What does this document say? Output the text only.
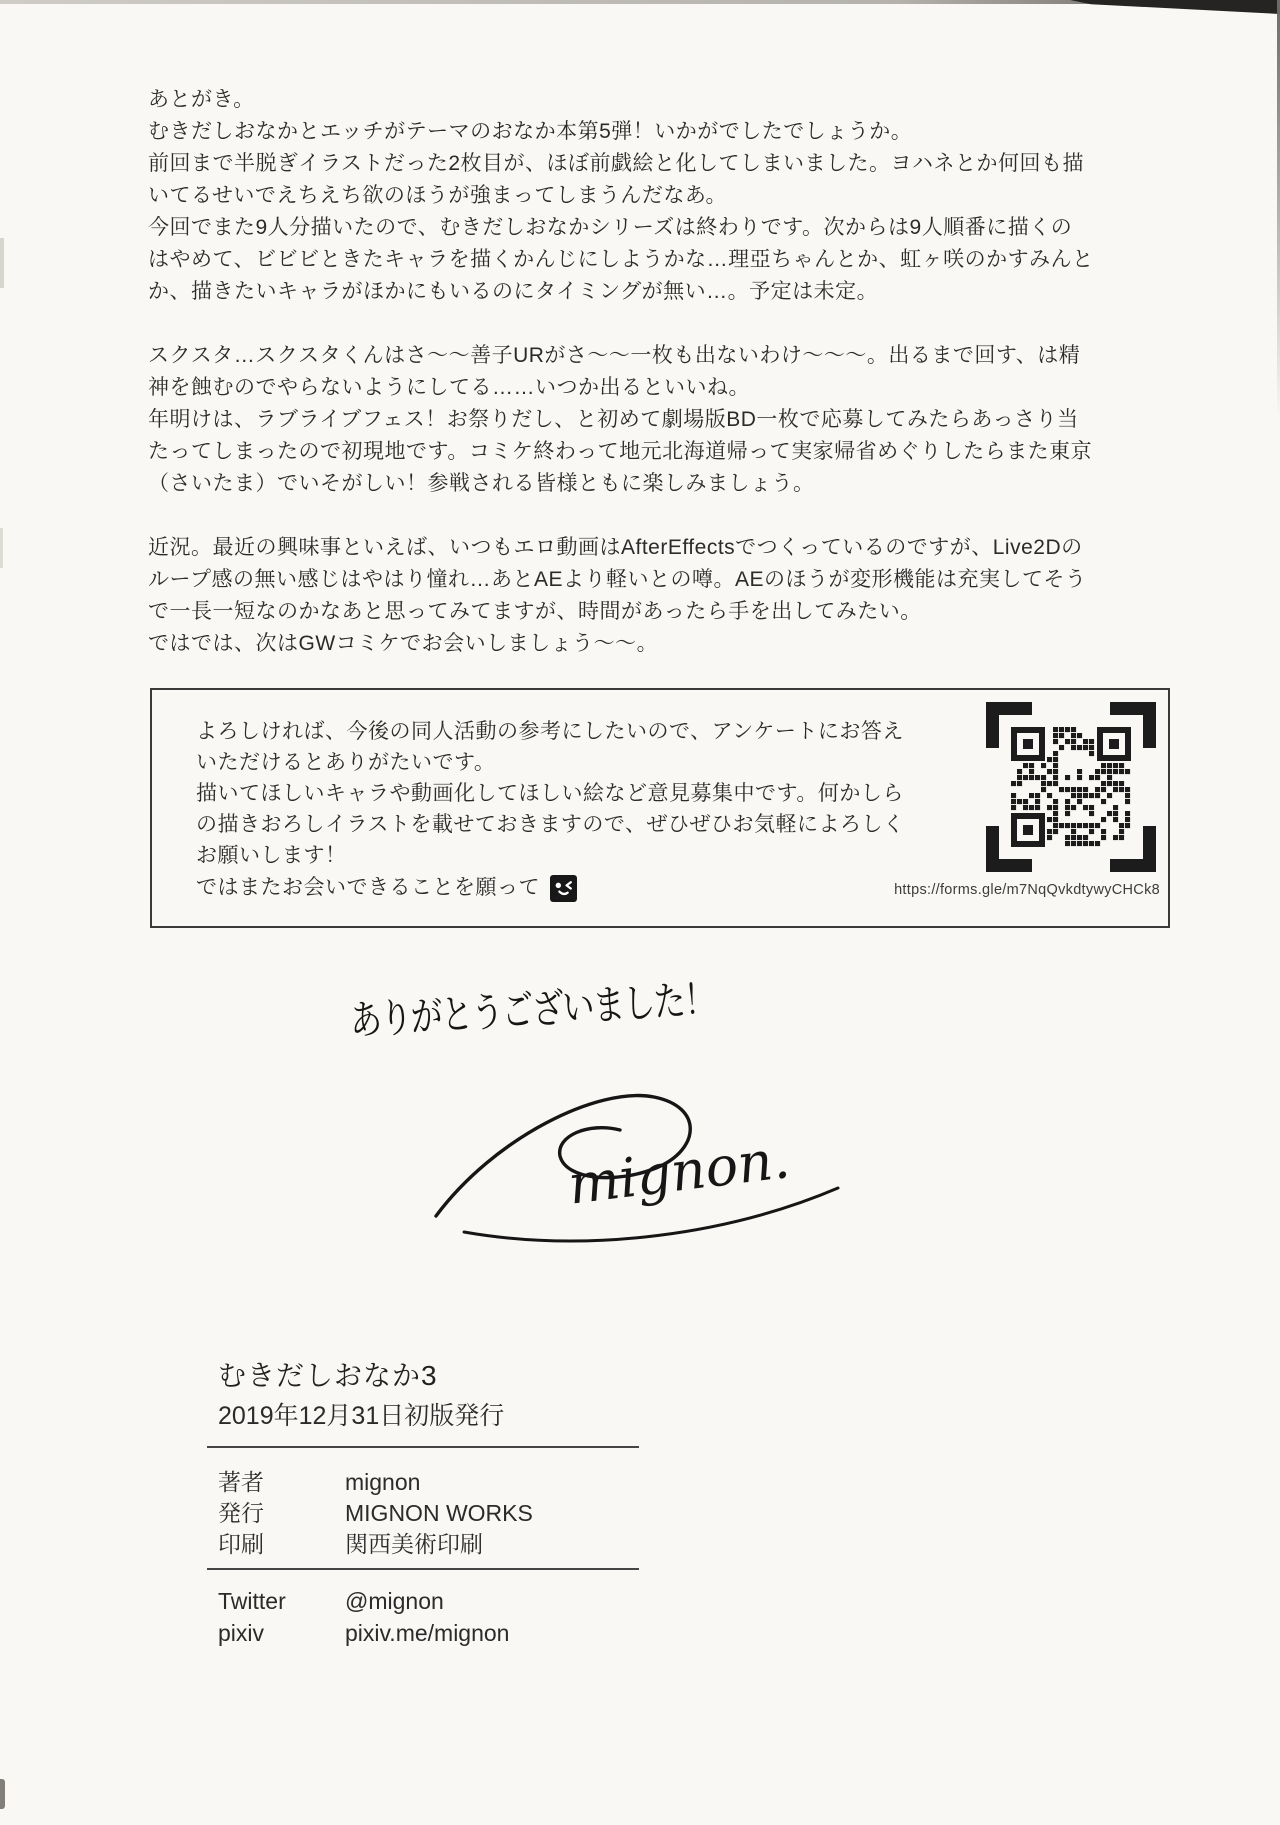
あとがき。
むきだしおなかとエッチがテーマのおなか本第5弾！いかがでしたでしょうか。
前回まで半脱ぎイラストだった2枚目が、ほぼ前戯絵と化してしまいました。ヨハネとか何回も描
いてるせいでえちえち欲のほうが強まってしまうんだなあ。
今回でまた9人分描いたので、むきだしおなかシリーズは終わりです。次からは9人順番に描くの
はやめて、ビビビときたキャラを描くかんじにしようかな…理亞ちゃんとか、虹ヶ咲のかすみんと
か、描きたいキャラがほかにもいるのにタイミングが無い…。予定は未定。
スクスタ…スクスタくんはさ～～善子URがさ～～一枚も出ないわけ～～～。出るまで回す、は精
神を蝕むのでやらないようにしてる……いつか出るといいね。
年明けは、ラブライブフェス！お祭りだし、と初めて劇場版BD一枚で応募してみたらあっさり当
たってしまったので初現地です。コミケ終わって地元北海道帰って実家帰省めぐりしたらまた東京
（さいたま）でいそがしい！参戦される皆様ともに楽しみましょう。
近況。最近の興味事といえば、いつもエロ動画はAfterEffectsでつくっているのですが、Live2Dの
ループ感の無い感じはやはり憧れ…あとAEより軽いとの噂。AEのほうが変形機能は充実してそう
で一長一短なのかなあと思ってみてますが、時間があったら手を出してみたい。
ではでは、次はGWコミケでお会いしましょう～～。
よろしければ、今後の同人活動の参考にしたいので、アンケートにお答え
いただけるとありがたいです。
描いてほしいキャラや動画化してほしい絵など意見募集中です。何かしら
の描きおろしイラストを載せておきますので、ぜひぜひお気軽によろしく
お願いします！
ではまたお会いできることを願って	https://forms.gle/m7NqQvkdtywyCHCk8
ありがとうございました！
mignon.
むきだしおなか3
2019年12月31日初版発行
著者	mignon
発行	MIGNON WORKS
印刷	関西美術印刷
Twitter	@mignon
pixiv	pixiv.me/mignon
